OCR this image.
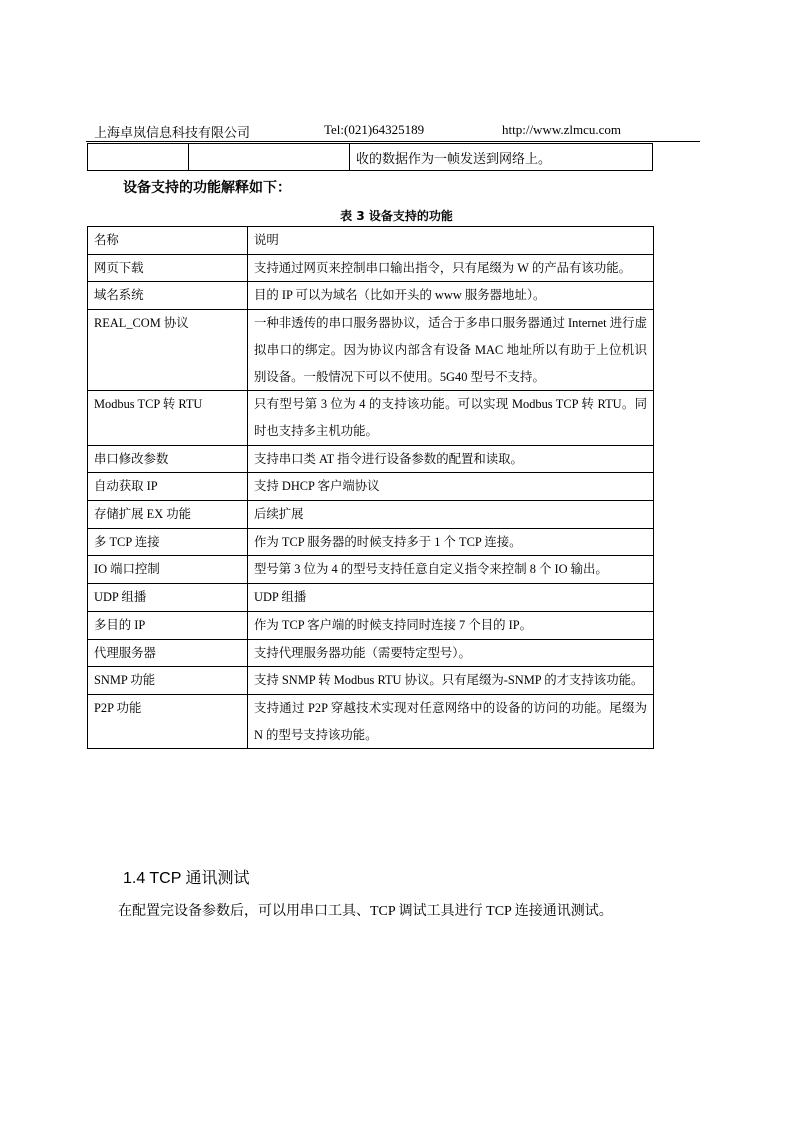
上海卓岚信息科技有限公司	Tel:(021)64325189	http://www.zlmcu.com
		收的数据作为一帧发送到网络上。
设备支持的功能解释如下：
表 3 设备支持的功能
名称	说明
网页下载	支持通过网页来控制串口输出指令，只有尾缀为 W 的产品有该功能。
域名系统	目的 IP 可以为域名（比如开头的 www 服务器地址）。
REAL_COM 协议	一种非透传的串口服务器协议，适合于多串口服务器通过 Internet 进行虚拟串口的绑定。因为协议内部含有设备 MAC 地址所以有助于上位机识别设备。一般情况下可以不使用。5G40 型号不支持。
Modbus TCP 转 RTU	只有型号第 3 位为 4 的支持该功能。可以实现 Modbus TCP 转 RTU。同时也支持多主机功能。
串口修改参数	支持串口类 AT 指令进行设备参数的配置和读取。
自动获取 IP	支持 DHCP 客户端协议
存储扩展 EX 功能	后续扩展
多 TCP 连接	作为 TCP 服务器的时候支持多于 1 个 TCP 连接。
IO 端口控制	型号第 3 位为 4 的型号支持任意自定义指令来控制 8 个 IO 输出。
UDP 组播	UDP 组播
多目的 IP	作为 TCP 客户端的时候支持同时连接 7 个目的 IP。
代理服务器	支持代理服务器功能（需要特定型号）。
SNMP 功能	支持 SNMP 转 Modbus RTU 协议。只有尾缀为-SNMP 的才支持该功能。
P2P 功能	支持通过 P2P 穿越技术实现对任意网络中的设备的访问的功能。尾缀为 N 的型号支持该功能。
1.4 TCP 通讯测试
在配置完设备参数后，可以用串口工具、TCP 调试工具进行 TCP 连接通讯测试。
